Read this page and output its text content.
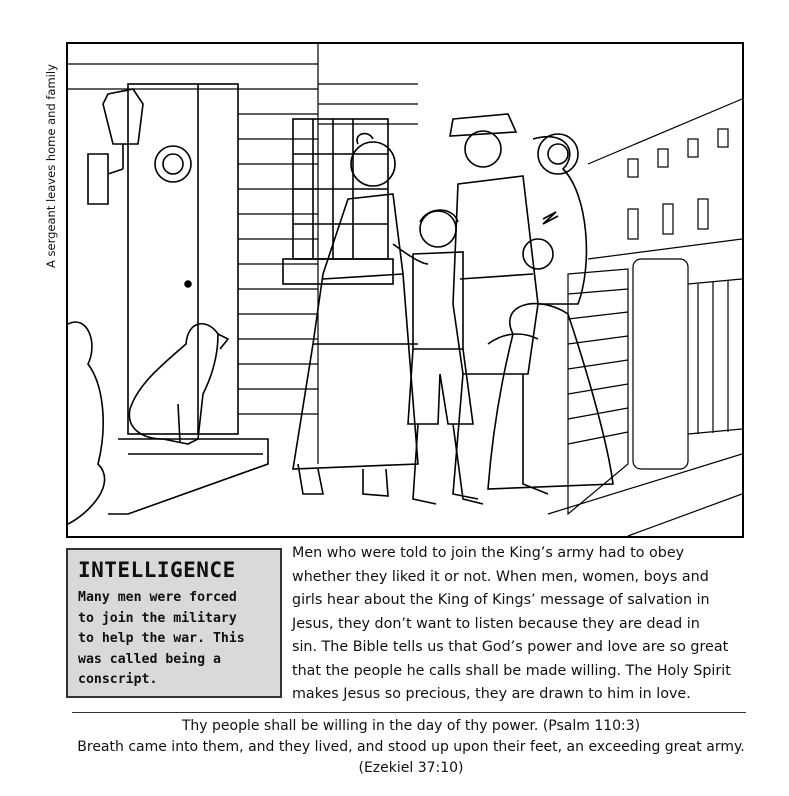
A sergeant leaves home and family
INTELLIGENCE
Many men were forced
to join the military
to help the war. This
was called being a
conscript.
Men who were told to join the King’s army had to obey
whether they liked it or not. When men, women, boys and
girls hear about the King of Kings’ message of salvation in
Jesus, they don’t want to listen because they are dead in
sin. The Bible tells us that God’s power and love are so great
that the people he calls shall be made willing. The Holy Spirit
makes Jesus so precious, they are drawn to him in love.
Thy people shall be willing in the day of thy power. (Psalm 110:3)
Breath came into them, and they lived, and stood up upon their feet, an exceeding great army.
(Ezekiel 37:10)
